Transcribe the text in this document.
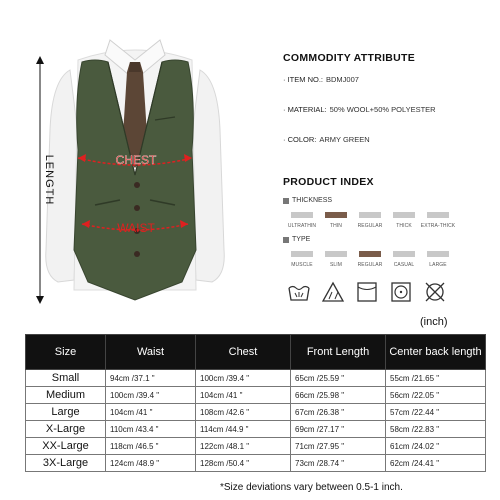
CHEST
WAIST
LENGTH
COMMODITY ATTRIBUTE
· ITEM NO.: BDMJ007
· MATERIAL: 50% WOOL+50% POLYESTER
· COLOR: ARMY GREEN
PRODUCT INDEX
THICKNESS
ULTRATHIN	THIN	REGULAR	THICK EXTRA-THICK
TYPE
MUSCLE	SLIM	REGULAR CASUAL	LARGE
(inch)
Size	Waist	Chest	Front Length	Center back length
Small	94cm /37.1 "	100cm /39.4 "	65cm /25.59 "	55cm /21.65 "
Medium	100cm /39.4 "	104cm /41 "	66cm /25.98 "	56cm /22.05 "
Large	104cm /41 "	108cm /42.6 "	67cm /26.38 "	57cm /22.44 "
X-Large	110cm /43.4 "	114cm /44.9 "	69cm /27.17 "	58cm /22.83 "
XX-Large	118cm /46.5 "	122cm /48.1 "	71cm /27.95 "	61cm /24.02 "
3X-Large	124cm /48.9 "	128cm /50.4 "	73cm /28.74 "	62cm /24.41 "
*Size deviations vary between 0.5-1 inch.
